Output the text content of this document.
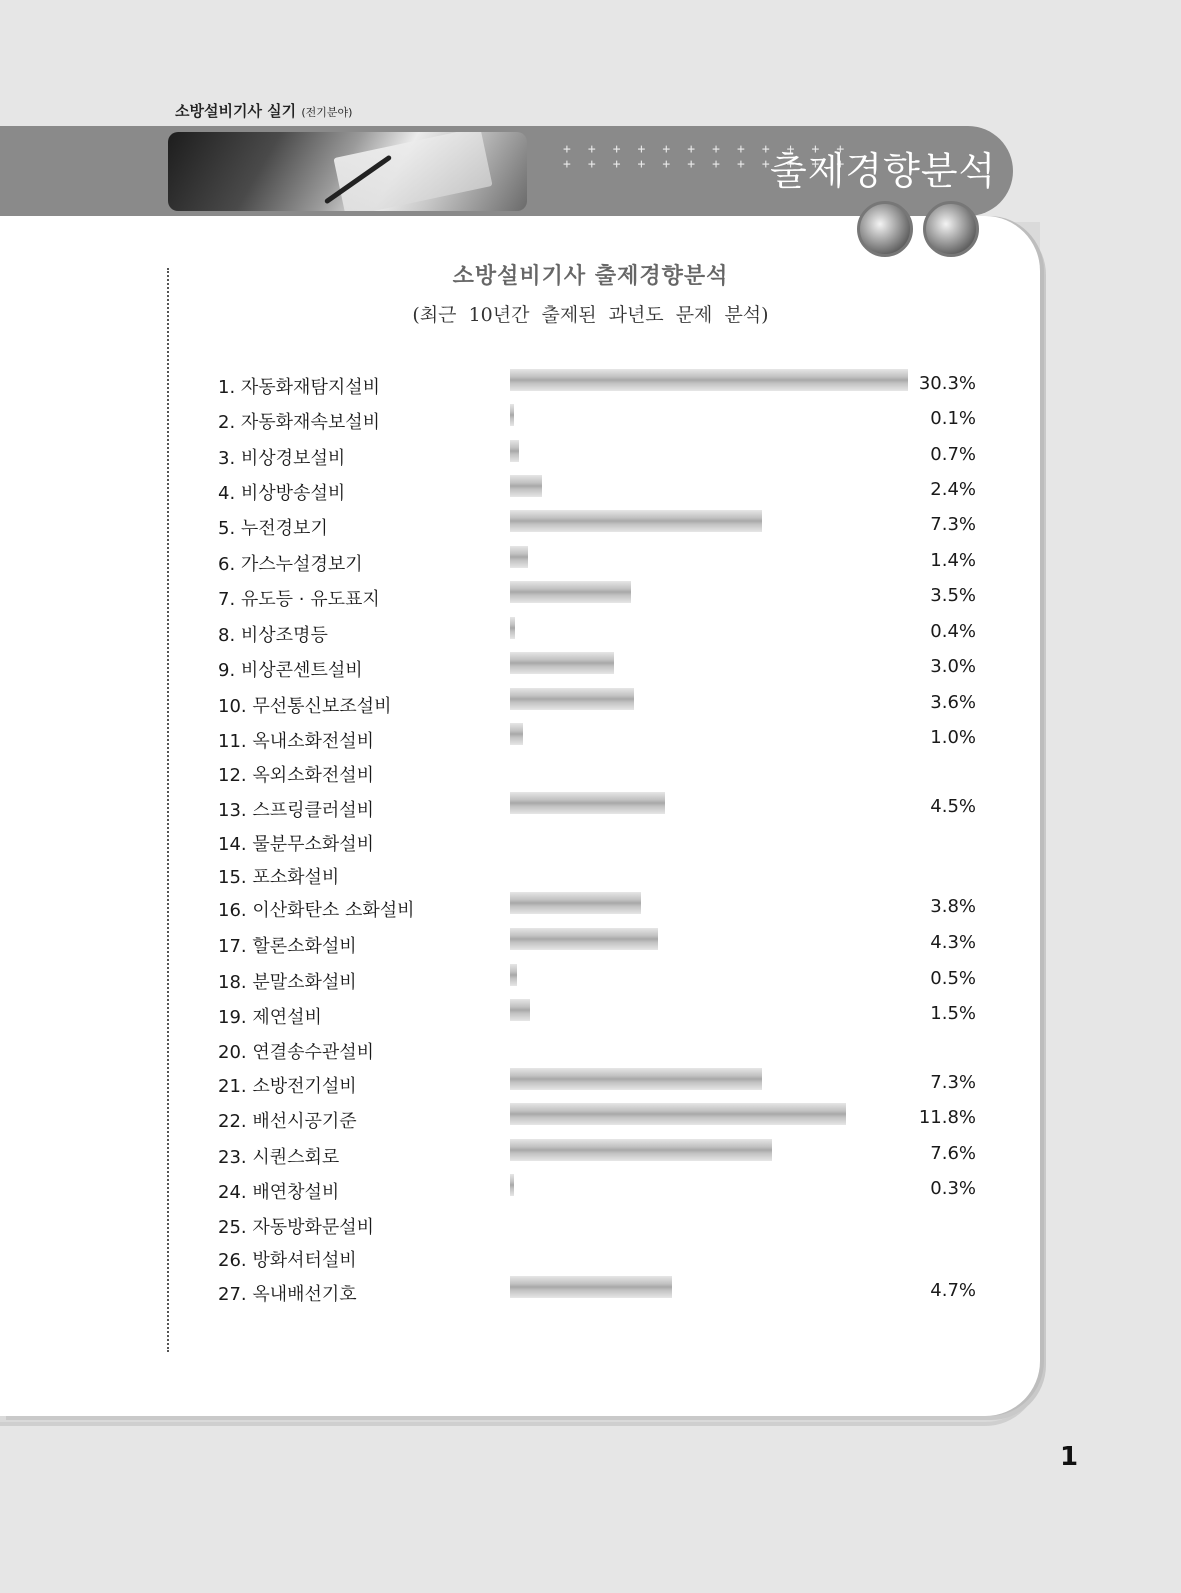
소방설비기사 실기 (전기분야)
+ + + + + + + + + + + +
+ + + + + + + + + + + +
출제경향분석
소방설비기사 출제경향분석
(최근 10년간 출제된 과년도 문제 분석)
1. 자동화재탐지설비	30.3%
2. 자동화재속보설비	0.1%
3. 비상경보설비	0.7%
4. 비상방송설비	2.4%
5. 누전경보기	7.3%
6. 가스누설경보기	1.4%
7. 유도등 · 유도표지	3.5%
8. 비상조명등	0.4%
9. 비상콘센트설비	3.0%
10. 무선통신보조설비	3.6%
11. 옥내소화전설비	1.0%
12. 옥외소화전설비
13. 스프링클러설비	4.5%
14. 물분무소화설비
15. 포소화설비
16. 이산화탄소 소화설비	3.8%
17. 할론소화설비	4.3%
18. 분말소화설비	0.5%
19. 제연설비	1.5%
20. 연결송수관설비
21. 소방전기설비	7.3%
22. 배선시공기준	11.8%
23. 시퀀스회로	7.6%
24. 배연창설비	0.3%
25. 자동방화문설비
26. 방화셔터설비
27. 옥내배선기호	4.7%
1
